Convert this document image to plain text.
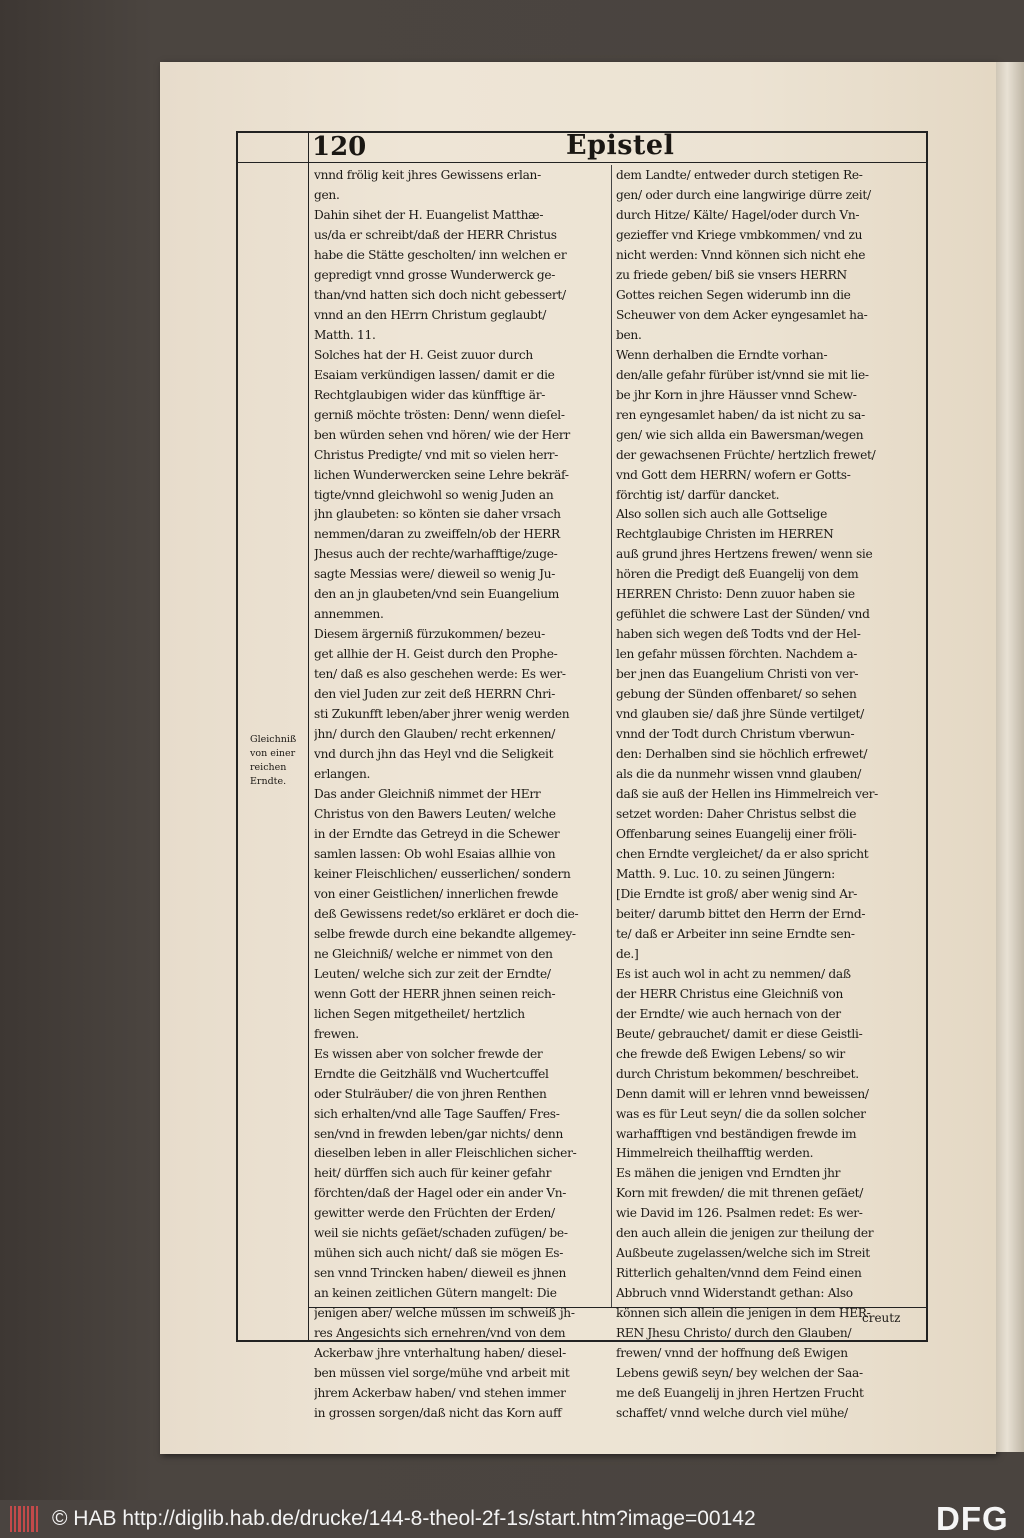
120	Epistel
Gleichniß
von einer
reichen
Erndte.
vnnd frölig keit jhres Gewissens erlan-
gen.
Dahin sihet der H. Euangelist Matthæ-
us/da er schreibt/daß der HERR Christus
habe die Stätte gescholten/ inn welchen er
gepredigt vnnd grosse Wunderwerck ge-
than/vnd hatten sich doch nicht gebessert/
vnnd an den HErrn Christum geglaubt/
Matth. 11.
Solches hat der H. Geist zuuor durch
Esaiam verkündigen lassen/ damit er die
Rechtglaubigen wider das künfftige är-
gerniß möchte trösten: Denn/ wenn dieſel-
ben würden sehen vnd hören/ wie der Herr
Christus Predigte/ vnd mit so vielen herr-
lichen Wunderwercken seine Lehre bekräf-
tigte/vnnd gleichwohl so wenig Juden an
jhn glaubeten: so könten sie daher vrsach
nemmen/daran zu zweiffeln/ob der HERR
Jhesus auch der rechte/warhafftige/zuge-
sagte Messias were/ dieweil so wenig Ju-
den an jn glaubeten/vnd sein Euangelium
annemmen.
Diesem ärgerniß fürzukommen/ bezeu-
get allhie der H. Geist durch den Prophe-
ten/ daß es also geschehen werde: Es wer-
den viel Juden zur zeit deß HERRN Chri-
sti Zukunfft leben/aber jhrer wenig werden
jhn/ durch den Glauben/ recht erkennen/
vnd durch jhn das Heyl vnd die Seligkeit
erlangen.
Das ander Gleichniß nimmet der HErr
Christus von den Bawers Leuten/ welche
in der Erndte das Getreyd in die Schewer
samlen lassen: Ob wohl Esaias allhie von
keiner Fleischlichen/ eusserlichen/ sondern
von einer Geistlichen/ innerlichen frewde
deß Gewissens redet/so erkläret er doch die-
selbe frewde durch eine bekandte allgemey-
ne Gleichniß/ welche er nimmet von den
Leuten/ welche sich zur zeit der Erndte/
wenn Gott der HERR jhnen seinen reich-
lichen Segen mitgetheilet/ hertzlich
frewen.
Es wissen aber von solcher frewde der
Erndte die Geitzhälß vnd Wuchertcuffel
oder Stulräuber/ die von jhren Renthen
sich erhalten/vnd alle Tage Sauffen/ Fres-
sen/vnd in frewden leben/gar nichts/ denn
dieselben leben in aller Fleischlichen sicher-
heit/ dürffen sich auch für keiner gefahr
förchten/daß der Hagel oder ein ander Vn-
gewitter werde den Früchten der Erden/
weil sie nichts geſäet/schaden zufügen/ be-
mühen sich auch nicht/ daß sie mögen Es-
sen vnnd Trincken haben/ dieweil es jhnen
an keinen zeitlichen Gütern mangelt: Die
jenigen aber/ welche müssen im schweiß jh-
res Angesichts sich ernehren/vnd von dem
Ackerbaw jhre vnterhaltung haben/ diesel-
ben müssen viel sorge/mühe vnd arbeit mit
jhrem Ackerbaw haben/ vnd stehen immer
in grossen sorgen/daß nicht das Korn auff
dem Landte/ entweder durch stetigen Re-
gen/ oder durch eine langwirige dürre zeit/
durch Hitze/ Kälte/ Hagel/oder durch Vn-
gezieffer vnd Kriege vmbkommen/ vnd zu
nicht werden: Vnnd können sich nicht ehe
zu friede geben/ biß sie vnsers HERRN
Gottes reichen Segen widerumb inn die
Scheuwer von dem Acker eyngesamlet ha-
ben.
Wenn derhalben die Erndte vorhan-
den/alle gefahr fürüber ist/vnnd sie mit lie-
be jhr Korn in jhre Häusser vnnd Schew-
ren eyngesamlet haben/ da ist nicht zu sa-
gen/ wie sich allda ein Bawersman/wegen
der gewachsenen Früchte/ hertzlich frewet/
vnd Gott dem HERRN/ wofern er Gotts-
förchtig ist/ darfür dancket.
Also sollen sich auch alle Gottselige
Rechtglaubige Christen im HERREN
auß grund jhres Hertzens frewen/ wenn sie
hören die Predigt deß Euangelij von dem
HERREN Christo: Denn zuuor haben sie
gefühlet die schwere Last der Sünden/ vnd
haben sich wegen deß Todts vnd der Hel-
len gefahr müssen förchten. Nachdem a-
ber jnen das Euangelium Christi von ver-
gebung der Sünden offenbaret/ so sehen
vnd glauben sie/ daß jhre Sünde vertilget/
vnnd der Todt durch Christum vberwun-
den: Derhalben sind sie höchlich erfrewet/
als die da nunmehr wissen vnnd glauben/
daß sie auß der Hellen ins Himmelreich ver-
setzet worden: Daher Christus selbst die
Offenbarung seines Euangelij einer fröli-
chen Erndte vergleichet/ da er also spricht
Matth. 9. Luc. 10. zu seinen Jüngern:
[Die Erndte ist groß/ aber wenig sind Ar-
beiter/ darumb bittet den Herrn der Ernd-
te/ daß er Arbeiter inn seine Erndte sen-
de.]
Es ist auch wol in acht zu nemmen/ daß
der HERR Christus eine Gleichniß von
der Erndte/ wie auch hernach von der
Beute/ gebrauchet/ damit er diese Geistli-
che frewde deß Ewigen Lebens/ so wir
durch Christum bekommen/ beschreibet.
Denn damit will er lehren vnnd beweissen/
was es für Leut seyn/ die da sollen solcher
warhafftigen vnd beständigen frewde im
Himmelreich theilhafftig werden.
Es mähen die jenigen vnd Erndten jhr
Korn mit frewden/ die mit threnen geſäet/
wie David im 126. Psalmen redet: Es wer-
den auch allein die jenigen zur theilung der
Außbeute zugelassen/welche sich im Streit
Ritterlich gehalten/vnnd dem Feind einen
Abbruch vnnd Widerstandt gethan: Also
können sich allein die jenigen in dem HER-
REN Jhesu Christo/ durch den Glauben/
frewen/ vnnd der hoffnung deß Ewigen
Lebens gewiß seyn/ bey welchen der Saa-
me deß Euangelij in jhren Hertzen Frucht
schaffet/ vnnd welche durch viel mühe/
creutz
© HAB http://diglib.hab.de/drucke/144-8-theol-2f-1s/start.htm?image=00142	DFG
